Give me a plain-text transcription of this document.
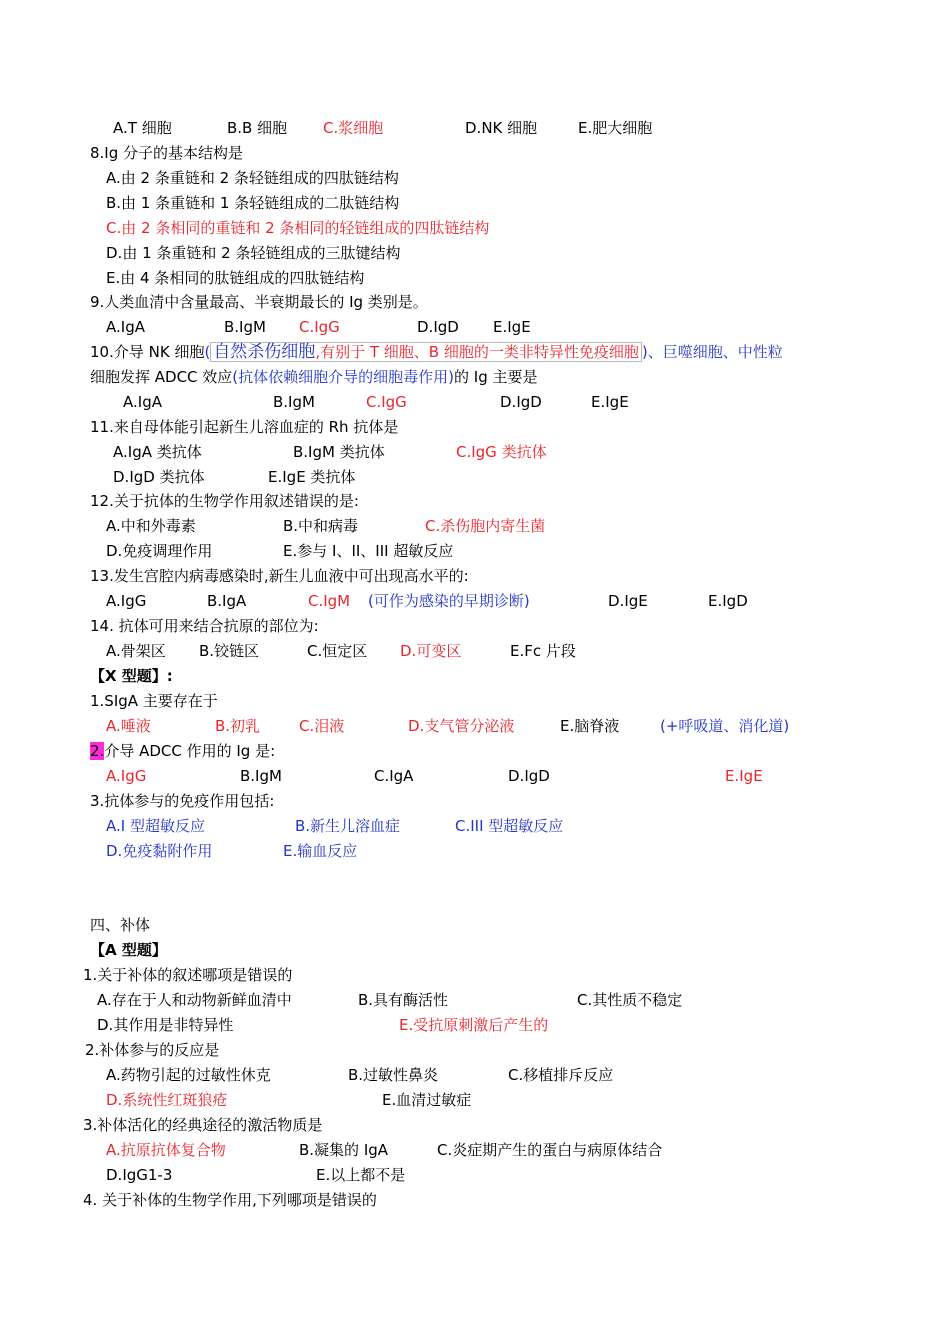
A.T 细胞	B.B 细胞 C.浆细胞	D.NK 细胞	E.肥大细胞
8.Ig 分子的基本结构是
A.由 2 条重链和 2 条轻链组成的四肽链结构
B.由 1 条重链和 1 条轻链组成的二肽链结构
C.由 2 条相同的重链和 2 条相同的轻链组成的四肽链结构
D.由 1 条重链和 2 条轻链组成的三肽键结构
E.由 4 条相同的肽链组成的四肽链结构
9.人类血清中含量最高、半衰期最长的 Ig 类别是。
A.IgA	B.IgM C.IgG	D.IgD E.IgE
10.介导 NK 细胞( 自然杀伤细胞,有别于 T 细胞、B 细胞的一类非特异性免疫细胞 )、巨噬细胞、中性粒
细胞发挥 ADCC 效应(抗体依赖细胞介导的细胞毒作用)的 Ig 主要是
A.IgA	B.IgM	C.IgG	D.IgD	E.IgE
11.来自母体能引起新生儿溶血症的 Rh 抗体是
A.IgA 类抗体	B.IgM 类抗体	C.IgG 类抗体
D.IgD 类抗体	E.IgE 类抗体
12.关于抗体的生物学作用叙述错误的是:
A.中和外毒素	B.中和病毒	C.杀伤胞内寄生菌
D.免疫调理作用	E.参与 I、II、III 超敏反应
13.发生宫腔内病毒感染时,新生儿血液中可出现高水平的:
A.IgG	B.IgA	C.IgM (可作为感染的早期诊断)	D.IgE	E.IgD
14. 抗体可用来结合抗原的部位为:
A.骨架区 B.铰链区	C.恒定区 D.可变区	E.Fc 片段
【X 型题】:
1.SIgA 主要存在于
A.唾液	B.初乳	C.泪液	D.支气管分泌液	E.脑脊液	(+呼吸道、消化道)
2.介导 ADCC 作用的 Ig 是:
A.IgG	B.IgM	C.IgA	D.IgD	E.IgE
3.抗体参与的免疫作用包括:
A.I 型超敏反应	B.新生儿溶血症	C.III 型超敏反应
D.免疫黏附作用	E.输血反应
四、补体
【A 型题】
1.关于补体的叙述哪项是错误的
A.存在于人和动物新鲜血清中	B.具有酶活性	C.其性质不稳定
D.其作用是非特异性	E.受抗原刺激后产生的
2.补体参与的反应是
A.药物引起的过敏性休克	B.过敏性鼻炎	C.移植排斥反应
D.系统性红斑狼疮	E.血清过敏症
3.补体活化的经典途径的激活物质是
A.抗原抗体复合物	B.凝集的 IgA	C.炎症期产生的蛋白与病原体结合
D.IgG1-3	E.以上都不是
4. 关于补体的生物学作用,下列哪项是错误的
